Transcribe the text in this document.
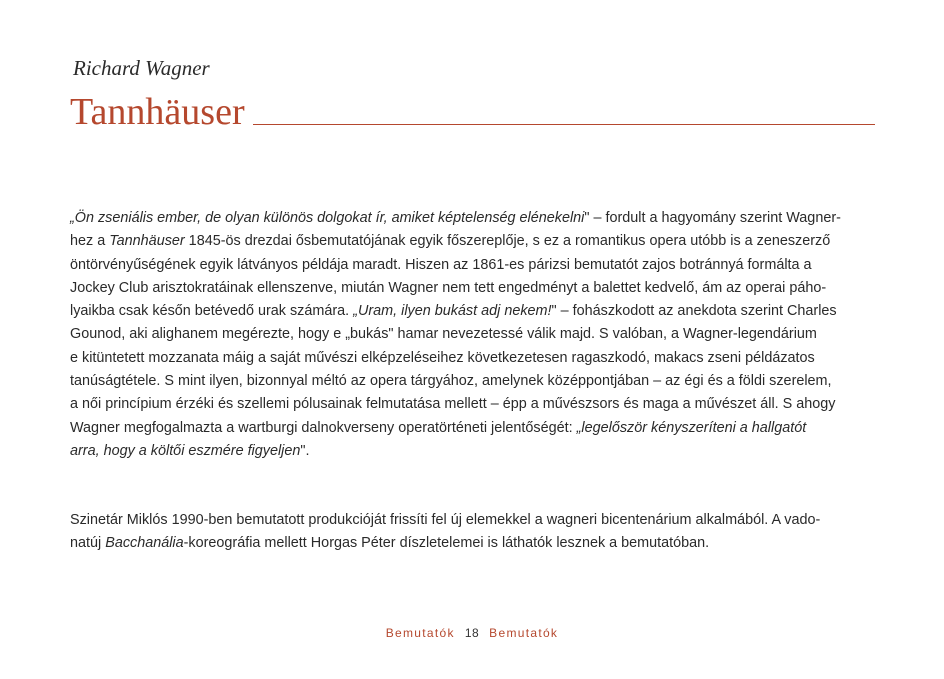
Richard Wagner
Tannhäuser
„Ön zseniális ember, de olyan különös dolgokat ír, amiket képtelenség elénekelni" – fordult a hagyomány szerint Wagner-
hez a Tannhäuser 1845-ös drezdai ősbemutatójának egyik főszereplője, s ez a romantikus opera utóbb is a zeneszerző
öntörvényűségének egyik látványos példája maradt. Hiszen az 1861-es párizsi bemutatót zajos botránnyá formálta a
Jockey Club arisztokratáinak ellenszenve, miután Wagner nem tett engedményt a balettet kedvelő, ám az operai páho-
lyaikba csak későn betévedő urak számára. „Uram, ilyen bukást adj nekem!" – fohászkodott az anekdota szerint Charles
Gounod, aki alighanem megérezte, hogy e „bukás" hamar nevezetessé válik majd. S valóban, a Wagner-legendárium
e kitüntetett mozzanata máig a saját művészi elképzeléseihez következetesen ragaszkodó, makacs zseni példázatos
tanúságtétele. S mint ilyen, bizonnyal méltó az opera tárgyához, amelynek középpontjában – az égi és a földi szerelem,
a női princípium érzéki és szellemi pólusainak felmutatása mellett – épp a művészsors és maga a művészet áll. S ahogy
Wagner megfogalmazta a wartburgi dalnokverseny operatörténeti jelentőségét: „legelőször kényszeríteni a hallgatót
arra, hogy a költői eszmére figyeljen".
Szinetár Miklós 1990-ben bemutatott produkcióját frissíti fel új elemekkel a wagneri bicentenárium alkalmából. A vado-
natúj Bacchanália-koreográfia mellett Horgas Péter díszletelemei is láthatók lesznek a bemutatóban.
Bemutatók 18 Bemutatók
